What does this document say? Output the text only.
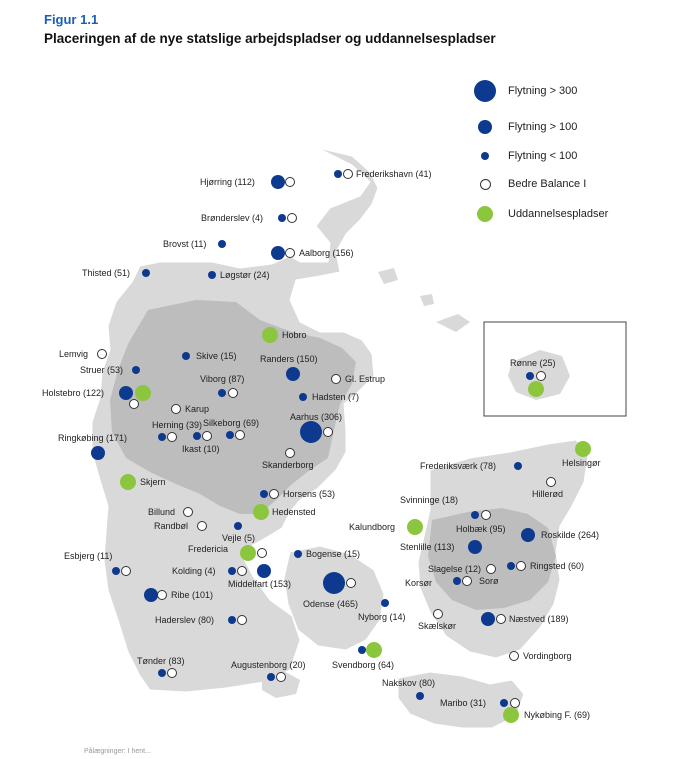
Figur 1.1
Placeringen af de nye statslige arbejdspladser og uddannelsespladser
Flytning > 300
Flytning > 100
Flytning < 100
Bedre Balance I
Uddannelsespladser
Frederikshavn (41)
Hjørring (112)
Brønderslev (4)
Brovst (11)
Aalborg (156)
Thisted (51)	Løgstør (24)
Hobro
Lemvig	Skive (15)	Randers (150)
Struer (53)
Gl. Estrup
Holstebro (122)
Viborg (87)
Hadsten (7)
Karup
Aarhus (306)
Herning (39) Silkeborg (69)
Ringkøbing (171)
Ikast (10)
Skanderborg
Skjern
Horsens (53)
Billund	Hedensted
Randbøl
Vejle (5)
Fredericia	Bogense (15)
Esbjerg (11)
Kolding (4)
Middelfart (153)
Odense (465)
Ribe (101)
Nyborg (14)
Haderslev (80)
Tønder (83)	Augustenborg (20)	Svendborg (64)
Rønne (25)
Frederiksværk (78)	Helsingør
Hillerød
Svinninge (18)
Holbæk (95)
Kalundborg
Roskilde (264)
Stenlille (113)
Slagelse (12)	Ringsted (60)
Korsør	Sorø
Skælskør
Næstved (189)
Vordingborg
Nakskov (80)
Maribo (31)
Nykøbing F. (69)
Pålægninger: I hent...
